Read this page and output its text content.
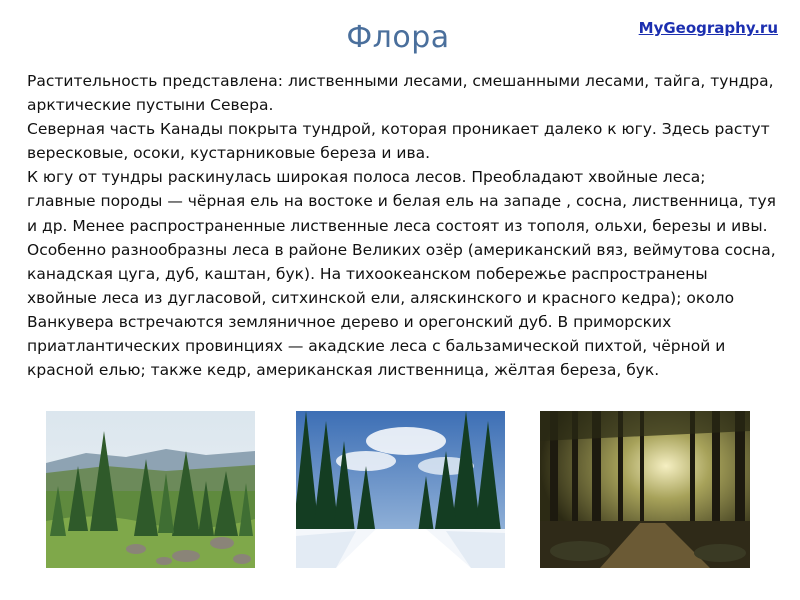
Флора	MyGeography.ru

Растительность представлена: лиственными лесами, смешанными лесами, тайга, тундра, арктические пустыни Севера.

Северная часть Канады покрыта тундрой, которая проникает далеко к югу. Здесь растут вересковые, осоки, кустарниковые береза и ива.

К югу от тундры раскинулась широкая полоса лесов. Преобладают хвойные леса; главные породы — чёрная ель на востоке и белая ель на западе , сосна, лиственница, туя и др. Менее распространенные лиственные леса состоят из тополя, ольхи, березы и ивы. Особенно разнообразны леса в районе Великих озёр (американский вяз, веймутова сосна, канадская цуга, дуб, каштан, бук). На тихоокеанском побережье распространены хвойные леса из дугласовой, ситхинской ели, аляскинского и красного кедра); около Ванкувера встречаются земляничное дерево и орегонский дуб. В приморских приатлантических провинциях — акадские леса с бальзамической пихтой, чёрной и красной елью; также кедр, американская лиственница, жёлтая береза, бук.
